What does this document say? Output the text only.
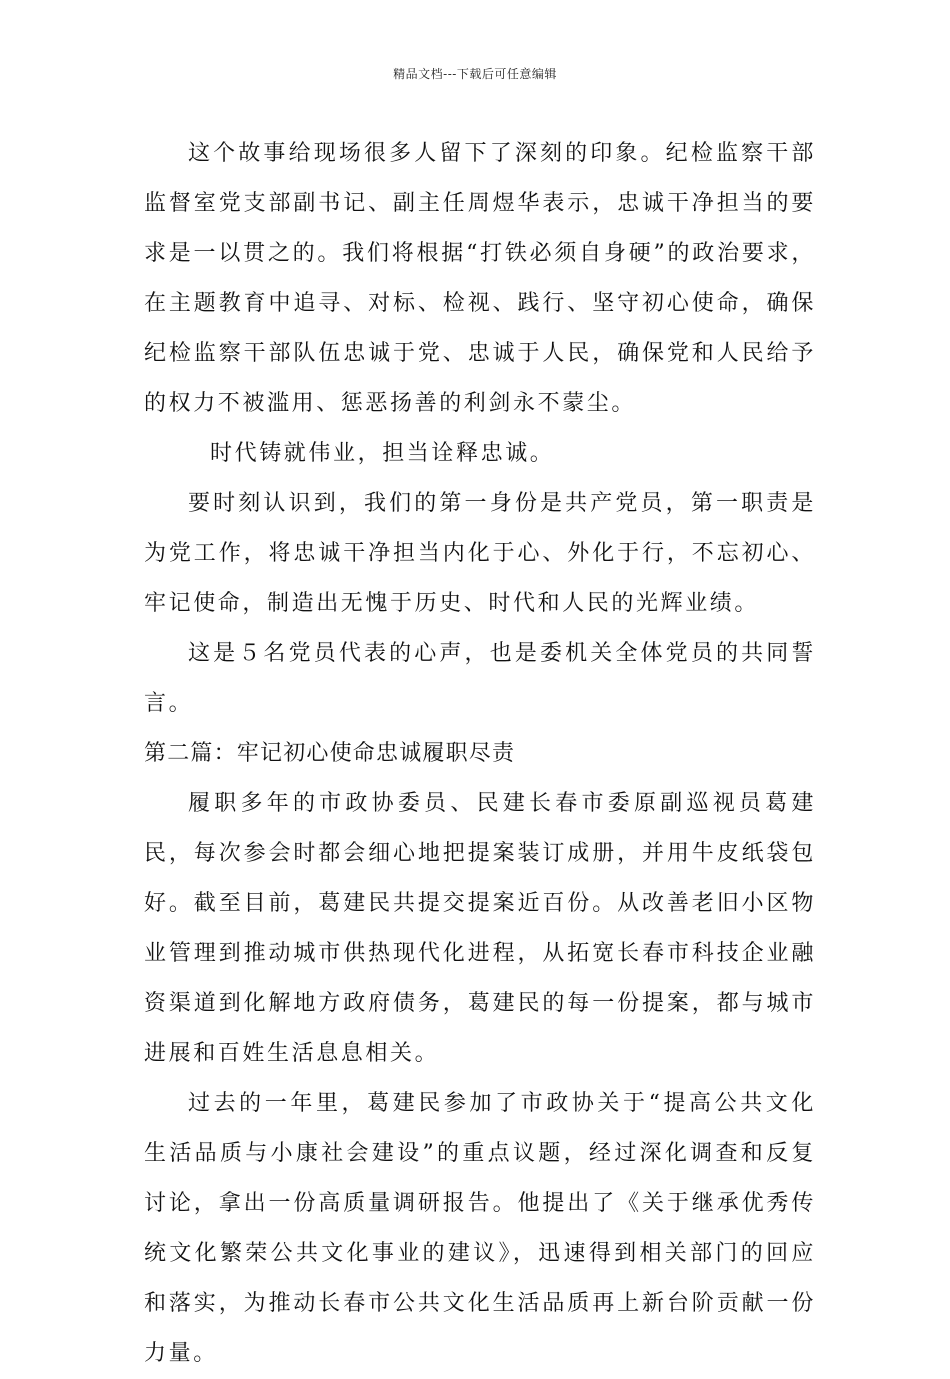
精品文档---下载后可任意编辑

这个故事给现场很多人留下了深刻的印象。纪检监察干部监督室党支部副书记、副主任周煜华表示，忠诚干净担当的要求是一以贯之的。我们将根据“打铁必须自身硬”的政治要求，在主题教育中追寻、对标、检视、践行、坚守初心使命，确保纪检监察干部队伍忠诚于党、忠诚于人民，确保党和人民给予的权力不被滥用、惩恶扬善的利剑永不蒙尘。

时代铸就伟业，担当诠释忠诚。

要时刻认识到，我们的第一身份是共产党员，第一职责是为党工作，将忠诚干净担当内化于心、外化于行，不忘初心、牢记使命，制造出无愧于历史、时代和人民的光辉业绩。

这是５名党员代表的心声，也是委机关全体党员的共同誓言。

第二篇：牢记初心使命忠诚履职尽责

履职多年的市政协委员、民建长春市委原副巡视员葛建民，每次参会时都会细心地把提案装订成册，并用牛皮纸袋包好。截至目前，葛建民共提交提案近百份。从改善老旧小区物业管理到推动城市供热现代化进程，从拓宽长春市科技企业融资渠道到化解地方政府债务，葛建民的每一份提案，都与城市进展和百姓生活息息相关。

过去的一年里，葛建民参加了市政协关于“提高公共文化生活品质与小康社会建设”的重点议题，经过深化调查和反复讨论，拿出一份高质量调研报告。他提出了《关于继承优秀传统文化繁荣公共文化事业的建议》，迅速得到相关部门的回应和落实，为推动长春市公共文化生活品质再上新台阶贡献一份力量。
